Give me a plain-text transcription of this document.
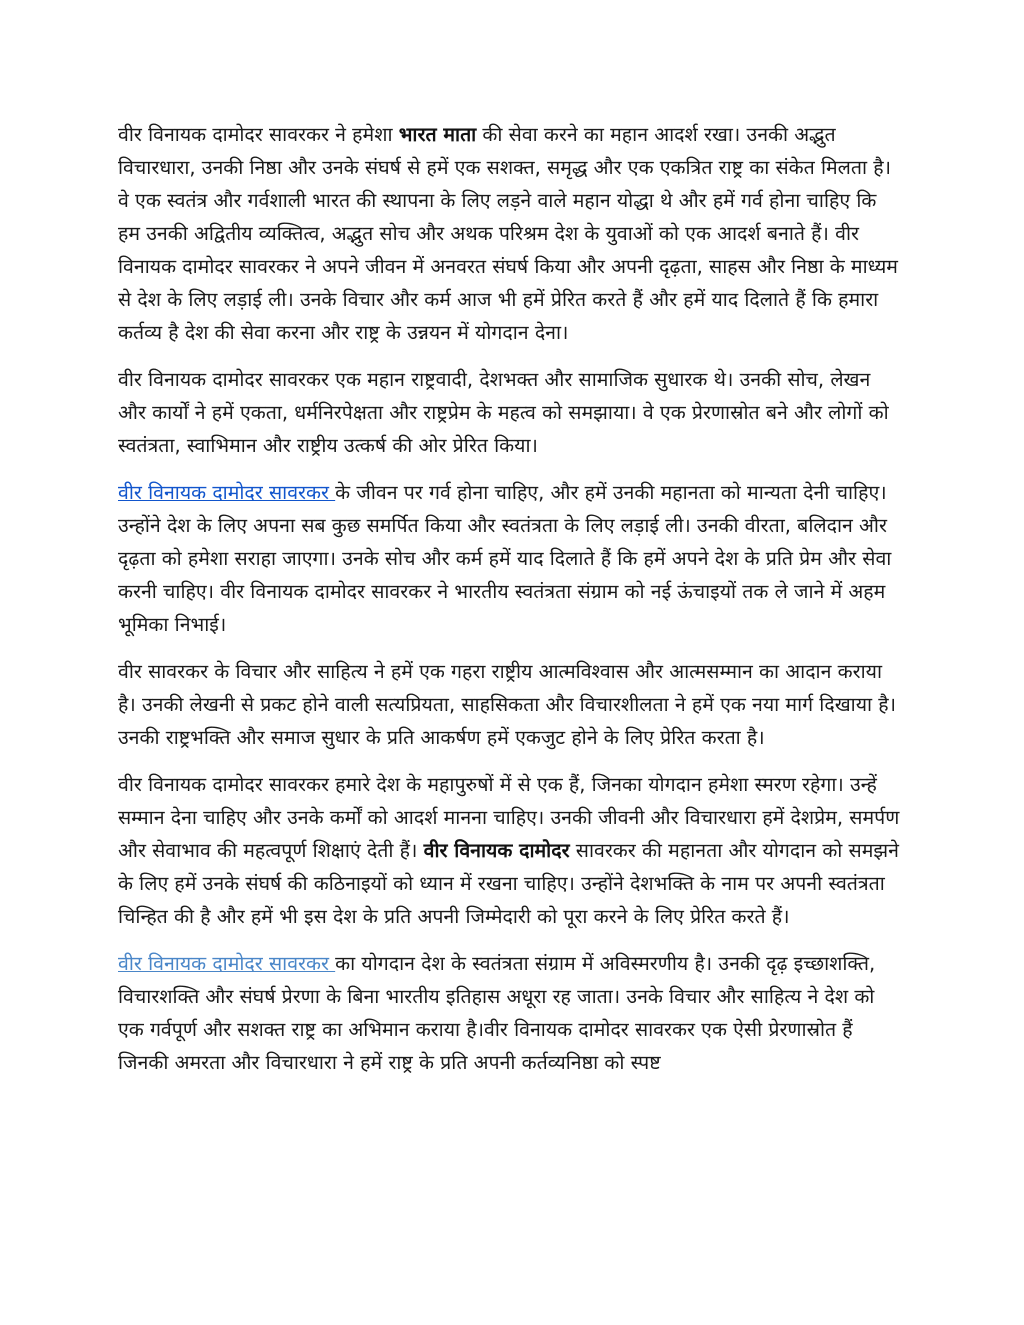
वीर विनायक दामोदर सावरकर ने हमेशा भारत माता की सेवा करने का महान आदर्श रखा। उनकी अद्भुत विचारधारा, उनकी निष्ठा और उनके संघर्ष से हमें एक सशक्त, समृद्ध और एक एकत्रित राष्ट्र का संकेत मिलता है। वे एक स्वतंत्र और गर्वशाली भारत की स्थापना के लिए लड़ने वाले महान योद्धा थे और हमें गर्व होना चाहिए कि हम उनकी अद्वितीय व्यक्तित्व, अद्भुत सोच और अथक परिश्रम देश के युवाओं को एक आदर्श बनाते हैं। वीर विनायक दामोदर सावरकर ने अपने जीवन में अनवरत संघर्ष किया और अपनी दृढ़ता, साहस और निष्ठा के माध्यम से देश के लिए लड़ाई ली। उनके विचार और कर्म आज भी हमें प्रेरित करते हैं और हमें याद दिलाते हैं कि हमारा कर्तव्य है देश की सेवा करना और राष्ट्र के उन्नयन में योगदान देना।

वीर विनायक दामोदर सावरकर एक महान राष्ट्रवादी, देशभक्त और सामाजिक सुधारक थे। उनकी सोच, लेखन और कार्यों ने हमें एकता, धर्मनिरपेक्षता और राष्ट्रप्रेम के महत्व को समझाया। वे एक प्रेरणास्रोत बने और लोगों को स्वतंत्रता, स्वाभिमान और राष्ट्रीय उत्कर्ष की ओर प्रेरित किया।

वीर विनायक दामोदर सावरकर के जीवन पर गर्व होना चाहिए, और हमें उनकी महानता को मान्यता देनी चाहिए। उन्होंने देश के लिए अपना सब कुछ समर्पित किया और स्वतंत्रता के लिए लड़ाई ली। उनकी वीरता, बलिदान और दृढ़ता को हमेशा सराहा जाएगा। उनके सोच और कर्म हमें याद दिलाते हैं कि हमें अपने देश के प्रति प्रेम और सेवा करनी चाहिए। वीर विनायक दामोदर सावरकर ने भारतीय स्वतंत्रता संग्राम को नई ऊंचाइयों तक ले जाने में अहम भूमिका निभाई।

वीर सावरकर के विचार और साहित्य ने हमें एक गहरा राष्ट्रीय आत्मविश्वास और आत्मसम्मान का आदान कराया है। उनकी लेखनी से प्रकट होने वाली सत्यप्रियता, साहसिकता और विचारशीलता ने हमें एक नया मार्ग दिखाया है। उनकी राष्ट्रभक्ति और समाज सुधार के प्रति आकर्षण हमें एकजुट होने के लिए प्रेरित करता है।

वीर विनायक दामोदर सावरकर हमारे देश के महापुरुषों में से एक हैं, जिनका योगदान हमेशा स्मरण रहेगा। उन्हें सम्मान देना चाहिए और उनके कर्मों को आदर्श मानना चाहिए। उनकी जीवनी और विचारधारा हमें देशप्रेम, समर्पण और सेवाभाव की महत्वपूर्ण शिक्षाएं देती हैं। वीर विनायक दामोदर सावरकर की महानता और योगदान को समझने के लिए हमें उनके संघर्ष की कठिनाइयों को ध्यान में रखना चाहिए। उन्होंने देशभक्ति के नाम पर अपनी स्वतंत्रता चिन्हित की है और हमें भी इस देश के प्रति अपनी जिम्मेदारी को पूरा करने के लिए प्रेरित करते हैं।

वीर विनायक दामोदर सावरकर का योगदान देश के स्वतंत्रता संग्राम में अविस्मरणीय है। उनकी दृढ़ इच्छाशक्ति, विचारशक्ति और संघर्ष प्रेरणा के बिना भारतीय इतिहास अधूरा रह जाता। उनके विचार और साहित्य ने देश को एक गर्वपूर्ण और सशक्त राष्ट्र का अभिमान कराया है।वीर विनायक दामोदर सावरकर एक ऐसी प्रेरणास्रोत हैं जिनकी अमरता और विचारधारा ने हमें राष्ट्र के प्रति अपनी कर्तव्यनिष्ठा को स्पष्ट
